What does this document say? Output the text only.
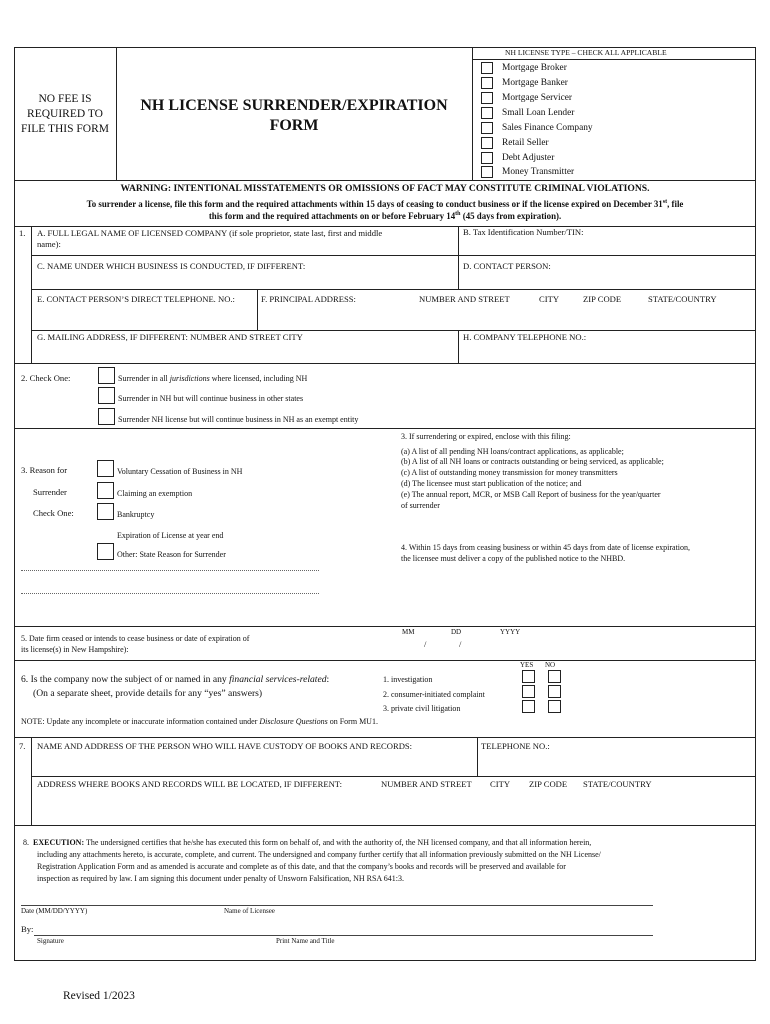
NO FEE IS REQUIRED TO FILE THIS FORM
NH LICENSE SURRENDER/EXPIRATION
FORM
NH LICENSE TYPE – CHECK ALL APPLICABLE
Mortgage Broker
Mortgage Banker
Mortgage Servicer
Small Loan Lender
Sales Finance Company
Retail Seller
Debt Adjuster
Money Transmitter
WARNING: INTENTIONAL MISSTATEMENTS OR OMISSIONS OF FACT MAY CONSTITUTE CRIMINAL VIOLATIONS.
To surrender a license, file this form and the required attachments within 15 days of ceasing to conduct business or if the license expired on December 31st, file
this form and the required attachments on or before February 14th (45 days from expiration).
1. A. FULL LEGAL NAME OF LICENSED COMPANY (if sole proprietor, state last, first and middle
name):
B. Tax Identification Number/TIN:
C. NAME UNDER WHICH BUSINESS IS CONDUCTED, IF DIFFERENT:	D. CONTACT PERSON:
E. CONTACT PERSON’S DIRECT TELEPHONE. NO.:	F. PRINCIPAL ADDRESS:	NUMBER AND STREET	CITY	ZIP CODE	STATE/COUNTRY
G. MAILING ADDRESS, IF DIFFERENT: NUMBER AND STREET CITY	H. COMPANY TELEPHONE NO.:
2. Check One:	Surrender in all jurisdictions where licensed, including NH
Surrender in NH but will continue business in other states
Surrender NH license but will continue business in NH as an exempt entity
3. Reason for
Surrender
Check One:
Voluntary Cessation of Business in NH
Claiming an exemption
Bankruptcy
Expiration of License at year end
Other: State Reason for Surrender
3. If surrendering or expired, enclose with this filing:
(a) A list of all pending NH loans/contract applications, as applicable;
(b) A list of all NH loans or contracts outstanding or being serviced, as applicable;
(c) A list of outstanding money transmission for money transmitters
(d) The licensee must start publication of the notice; and
(e) The annual report, MCR, or MSB Call Report of business for the year/quarter
of surrender
4. Within 15 days from ceasing business or within 45 days from date of license expiration,
the licensee must deliver a copy of the published notice to the NHBD.
5. Date firm ceased or intends to cease business or date of expiration of
its license(s) in New Hampshire):
MM	DD	YYYY
/	/
YES NO
6. Is the company now the subject of or named in any financial services-related:
(On a separate sheet, provide details for any “yes” answers)
1. investigation
2. consumer-initiated complaint
3. private civil litigation
NOTE: Update any incomplete or inaccurate information contained under Disclosure Questions on Form MU1.
7. NAME AND ADDRESS OF THE PERSON WHO WILL HAVE CUSTODY OF BOOKS AND RECORDS:	TELEPHONE NO.:
ADDRESS WHERE BOOKS AND RECORDS WILL BE LOCATED, IF DIFFERENT:	NUMBER AND STREET CITY ZIP CODE STATE/COUNTRY
8. EXECUTION: The undersigned certifies that he/she has executed this form on behalf of, and with the authority of, the NH licensed company, and that all information herein,
including any attachments hereto, is accurate, complete, and current. The undersigned and company further certify that all information previously submitted on the NH License/
Registration Application Form and as amended is accurate and complete as of this date, and that the company’s books and records will be preserved and available for
inspection as required by law. I am signing this document under penalty of Unsworn Falsification, NH RSA 641:3.
Date (MM/DD/YYYY)	Name of Licensee
By:
Signature	Print Name and Title
Revised 1/2023
